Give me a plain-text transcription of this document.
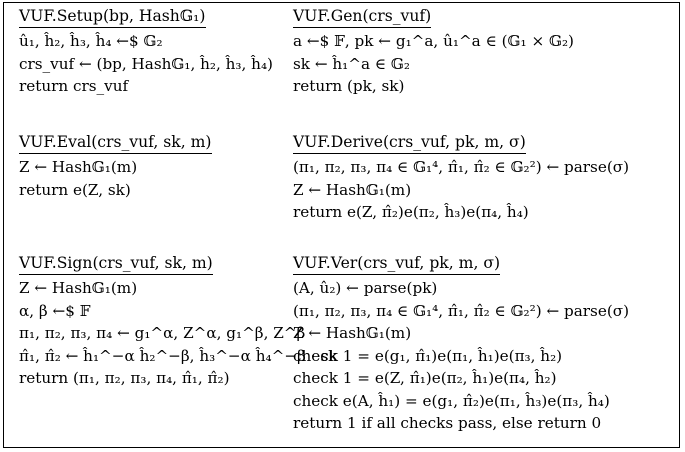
VUF.Setup(bp, Hash𝔾₁)
û₁, ĥ₂, ĥ₃, ĥ₄ ←$ 𝔾₂
crs_vuf ← (bp, Hash𝔾₁, ĥ₂, ĥ₃, ĥ₄)
return crs_vuf
VUF.Gen(crs_vuf)
a ←$ 𝔽, pk ← g₁^a, û₁^a ∈ (𝔾₁ × 𝔾₂)
sk ← ĥ₁^a ∈ 𝔾₂
return (pk, sk)
VUF.Eval(crs_vuf, sk, m)
Z ← Hash𝔾₁(m)
return e(Z, sk)
VUF.Derive(crs_vuf, pk, m, σ)
(π₁, π₂, π₃, π₄ ∈ 𝔾₁⁴, π̂₁, π̂₂ ∈ 𝔾₂²) ← parse(σ)
Z ← Hash𝔾₁(m)
return e(Z, π̂₂)e(π₂, ĥ₃)e(π₄, ĥ₄)
VUF.Sign(crs_vuf, sk, m)
Z ← Hash𝔾₁(m)
α, β ←$ 𝔽
π₁, π₂, π₃, π₄ ← g₁^α, Z^α, g₁^β, Z^β
π̂₁, π̂₂ ← ĥ₁^−α ĥ₂^−β, ĥ₃^−α ĥ₄^−β · sk
return (π₁, π₂, π₃, π₄, π̂₁, π̂₂)
VUF.Ver(crs_vuf, pk, m, σ)
(A, û₂) ← parse(pk)
(π₁, π₂, π₃, π₄ ∈ 𝔾₁⁴, π̂₁, π̂₂ ∈ 𝔾₂²) ← parse(σ)
Z ← Hash𝔾₁(m)
check 1 = e(g₁, π̂₁)e(π₁, ĥ₁)e(π₃, ĥ₂)
check 1 = e(Z, π̂₁)e(π₂, ĥ₁)e(π₄, ĥ₂)
check e(A, ĥ₁) = e(g₁, π̂₂)e(π₁, ĥ₃)e(π₃, ĥ₄)
return 1 if all checks pass, else return 0
